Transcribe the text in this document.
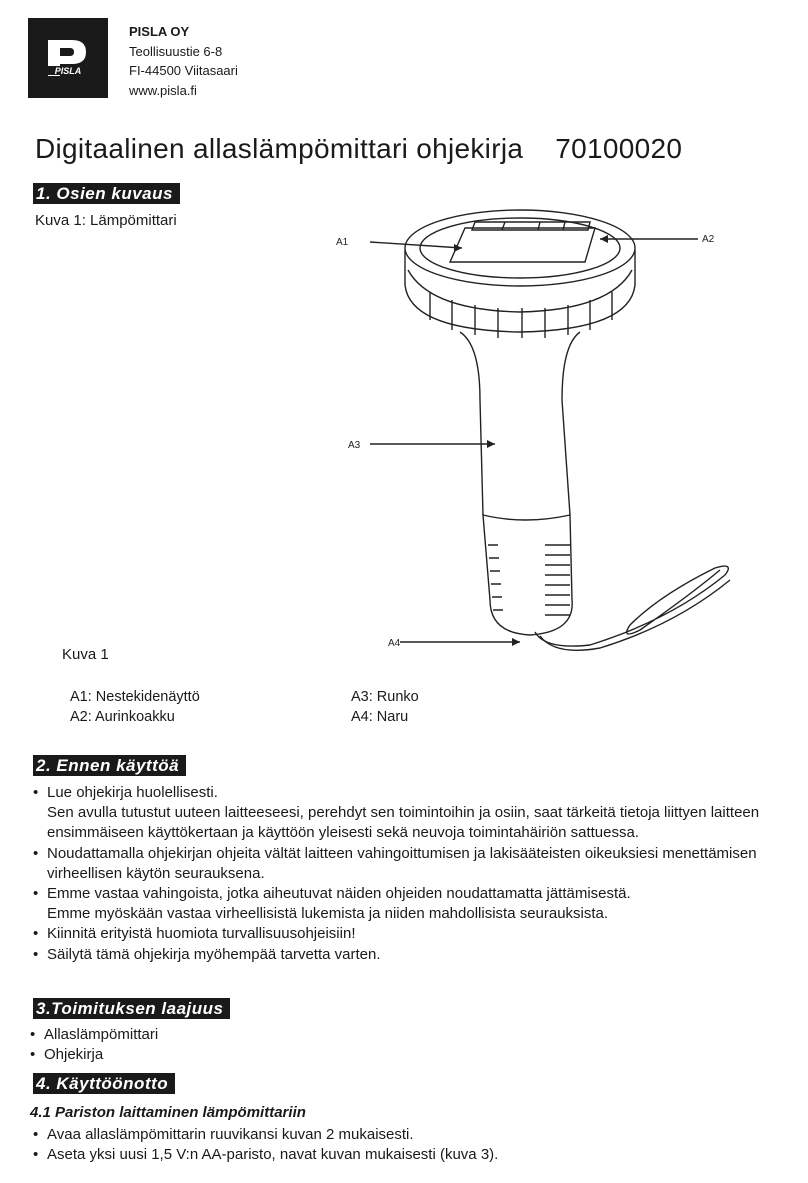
PISLA
PISLA OY
Teollisuustie 6-8
FI-44500 Viitasaari
www.pisla.fi
Digitaalinen allaslämpömittari ohjekirja 70100020
1. Osien kuvaus
Kuva 1: Lämpömittari
A1	A2
A3
A4
Kuva 1
A1: Nestekidenäyttö
A2: Aurinkoakku
A3: Runko
A4: Naru
2. Ennen käyttöä
• Lue ohjekirja huolellisesti.
Sen avulla tutustut uuteen laitteeseesi, perehdyt sen toimintoihin ja osiin, saat tärkeitä tietoja liittyen laitteen ensimmäiseen käyttökertaan ja käyttöön yleisesti sekä neuvoja toimintahäiriön sattuessa.
• Noudattamalla ohjekirjan ohjeita vältät laitteen vahingoittumisen ja lakisääteisten oikeuksiesi menettämisen virheellisen käytön seurauksena.
• Emme vastaa vahingoista, jotka aiheutuvat näiden ohjeiden noudattamatta jättämisestä.
Emme myöskään vastaa virheellisistä lukemista ja niiden mahdollisista seurauksista.
• Kiinnitä erityistä huomiota turvallisuusohjeisiin!
• Säilytä tämä ohjekirja myöhempää tarvetta varten.
3.Toimituksen laajuus
• Allaslämpömittari
• Ohjekirja
4. Käyttöönotto
4.1 Pariston laittaminen lämpömittariin
• Avaa allaslämpömittarin ruuvikansi kuvan 2 mukaisesti.
• Aseta yksi uusi 1,5 V:n AA-paristo, navat kuvan mukaisesti (kuva 3).
